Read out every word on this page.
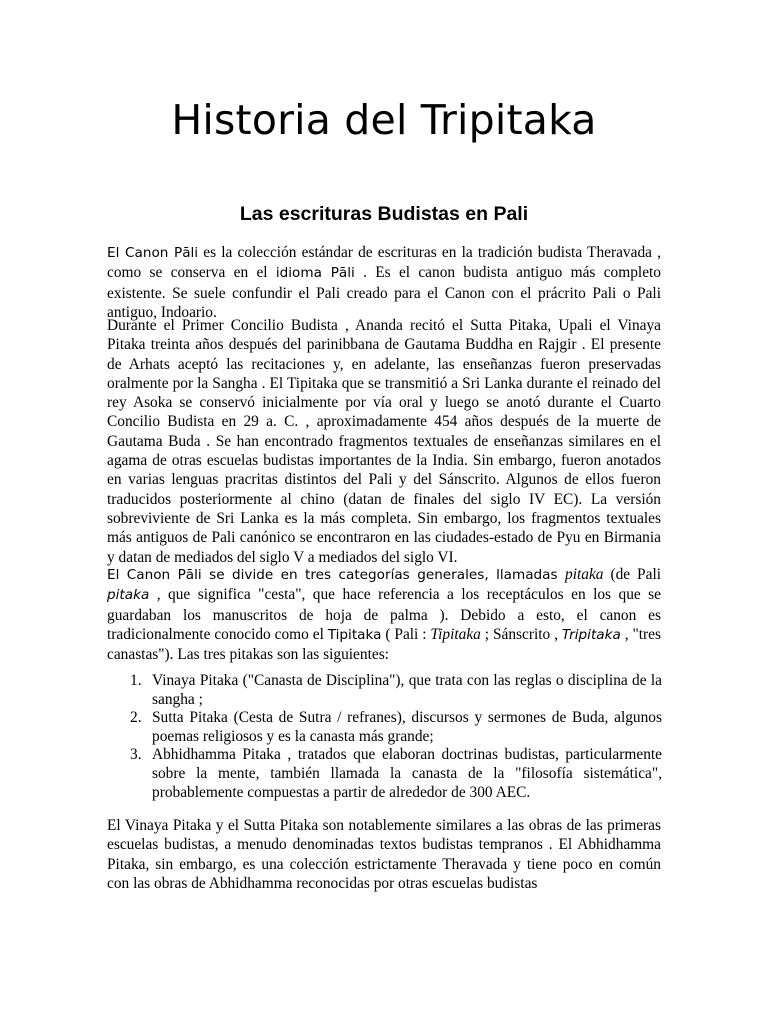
Historia del Tripitaka
Las escrituras Budistas en Pali

El Canon Pāli es la colección estándar de escrituras en la tradición budista Theravada , como se conserva en el idioma Pāli . Es el canon budista antiguo más completo existente. Se suele confundir el Pali creado para el Canon con el prácrito Pali o Pali antiguo, Indoario.

Durante el Primer Concilio Budista , Ananda recitó el Sutta Pitaka, Upali el Vinaya Pitaka treinta años después del parinibbana de Gautama Buddha en Rajgir . El presente de Arhats aceptó las recitaciones y, en adelante, las enseñanzas fueron preservadas oralmente por la Sangha . El Tipitaka que se transmitió a Sri Lanka durante el reinado del rey Asoka se conservó inicialmente por vía oral y luego se anotó durante el Cuarto Concilio Budista en 29 a. C. , aproximadamente 454 años después de la muerte de Gautama Buda . Se han encontrado fragmentos textuales de enseñanzas similares en el agama de otras escuelas budistas importantes de la India. Sin embargo, fueron anotados en varias lenguas pracritas distintos del Pali y del Sánscrito. Algunos de ellos fueron traducidos posteriormente al chino (datan de finales del siglo IV EC). La versión sobreviviente de Sri Lanka es la más completa. Sin embargo, los fragmentos textuales más antiguos de Pali canónico se encontraron en las ciudades-estado de Pyu en Birmania y datan de mediados del siglo V a mediados del siglo VI.

El Canon Pāli se divide en tres categorías generales, llamadas pitaka (de Pali pitaka , que significa "cesta", que hace referencia a los receptáculos en los que se guardaban los manuscritos de hoja de palma ). Debido a esto, el canon es tradicionalmente conocido como el Tipitaka ( Pali : Tipitaka ; Sánscrito , Tripitaka , "tres canastas"). Las tres pitakas son las siguientes:

1. Vinaya Pitaka ("Canasta de Disciplina"), que trata con las reglas o disciplina de la sangha ;
2. Sutta Pitaka (Cesta de Sutra / refranes), discursos y sermones de Buda, algunos poemas religiosos y es la canasta más grande;
3. Abhidhamma Pitaka , tratados que elaboran doctrinas budistas, particularmente sobre la mente, también llamada la canasta de la "filosofía sistemática", probablemente compuestas a partir de alrededor de 300 AEC.

El Vinaya Pitaka y el Sutta Pitaka son notablemente similares a las obras de las primeras escuelas budistas, a menudo denominadas textos budistas tempranos . El Abhidhamma Pitaka, sin embargo, es una colección estrictamente Theravada y tiene poco en común con las obras de Abhidhamma reconocidas por otras escuelas budistas
